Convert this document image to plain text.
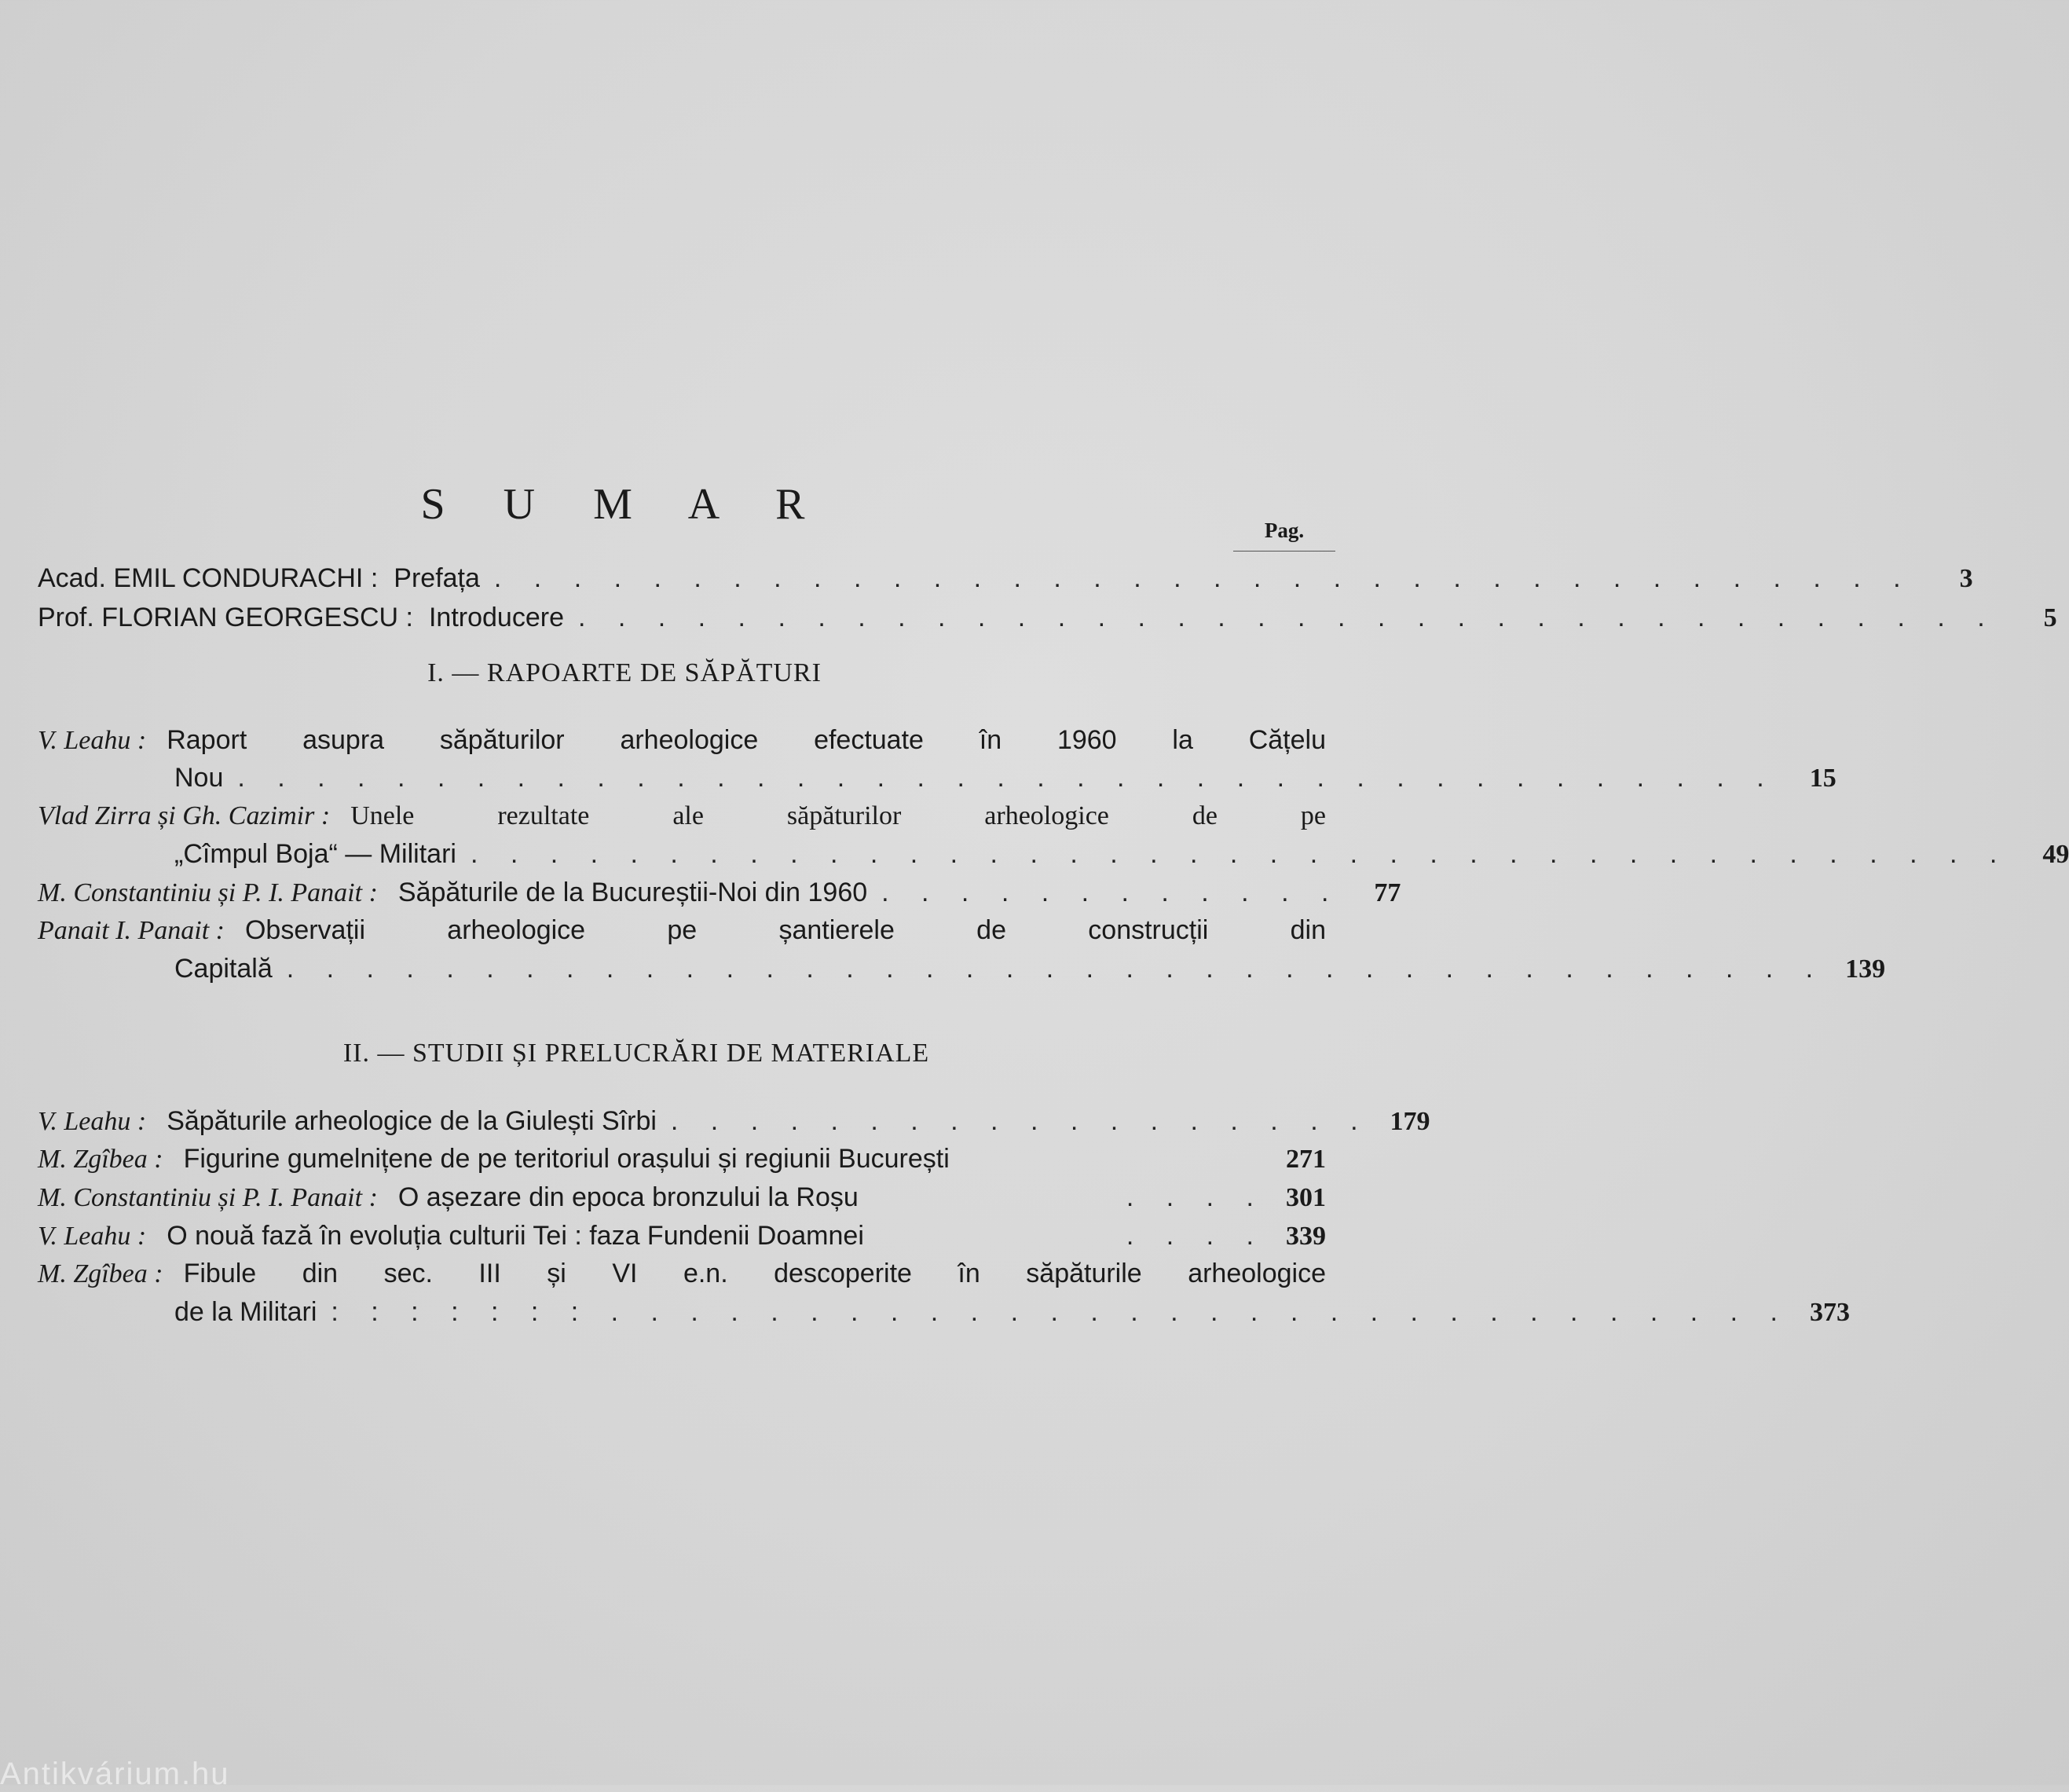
S U M A R
Pag.
Acad. EMIL CONDURACHI : Prefața . . . . . . . . . . . . . . . . . . . . . . . . . . . . . . . . . . . .	3
Prof. FLORIAN GEORGESCU : Introducere . . . . . . . . . . . . . . . . . . . . . . . . . . . . . . . . . . . .	5
I. — RAPOARTE DE SĂPĂTURI
V. Leahu : Raport asupra săpăturilor arheologice efectuate în 1960 la Cățelu
Nou . . . . . . . . . . . . . . . . . . . . . . . . . . . . . . . . . . . . . . .	15
Vlad Zirra și Gh. Cazimir : Unele rezultate ale săpăturilor arheologice de pe
„Cîmpul Boja“ — Militari . . . . . . . . . . . . . . . . . . . . . . . . . . . . . . . . . . . . . . .	49
M. Constantiniu și P. I. Panait : Săpăturile de la Bucureștii-Noi din 1960 . . . . . . . . . . . .	77
Panait I. Panait : Observații arheologice pe șantierele de construcții din
Capitală . . . . . . . . . . . . . . . . . . . . . . . . . . . . . . . . . . . . . . . 139
II. — STUDII ȘI PRELUCRĂRI DE MATERIALE
V. Leahu : Săpăturile arheologice de la Giulești Sîrbi . . . . . . . . . . . . . . . . . . 179
M. Zgîbea : Figurine gumelnițene de pe teritoriul orașului și regiunii București	271
M. Constantiniu și P. I. Panait : O așezare din epoca bronzului la Roșu	. . . . 301
V. Leahu : O nouă fază în evoluția culturii Tei : faza Fundenii Doamnei	. . . . 339
M. Zgîbea : Fibule din sec. III și VI e.n. descoperite în săpăturile arheologice
de la Militari : : : : : : : . . . . . . . . . . . . . . . . . . . . . . . . . . . . . . 373
Antikvárium.hu
